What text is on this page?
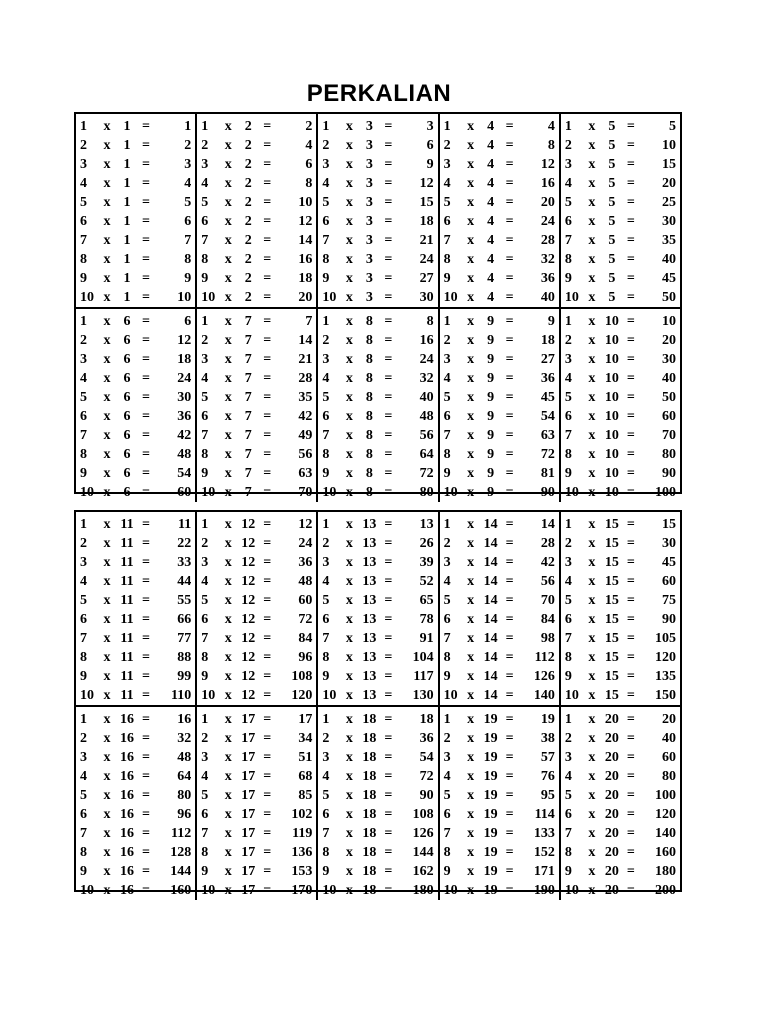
PERKALIAN
1	x 1 =	1
2	x 1 =	2
3	x 1 =	3
4	x 1 =	4
5	x 1 =	5
6	x 1 =	6
7	x 1 =	7
8	x 1 =	8
9	x 1 =	9
10 x 1 =	10
1	x 2 =	2
2	x 2 =	4
3	x 2 =	6
4	x 2 =	8
5	x 2 =	10
6	x 2 =	12
7	x 2 =	14
8	x 2 =	16
9	x 2 =	18
10 x 2 =	20
1	x 3 =	3
2	x 3 =	6
3	x 3 =	9
4	x 3 =	12
5	x 3 =	15
6	x 3 =	18
7	x 3 =	21
8	x 3 =	24
9	x 3 =	27
10 x 3 =	30
1	x 4 =	4
2	x 4 =	8
3	x 4 =	12
4	x 4 =	16
5	x 4 =	20
6	x 4 =	24
7	x 4 =	28
8	x 4 =	32
9	x 4 =	36
10 x 4 =	40
1	x 5 =	5
2	x 5 =	10
3	x 5 =	15
4	x 5 =	20
5	x 5 =	25
6	x 5 =	30
7	x 5 =	35
8	x 5 =	40
9	x 5 =	45
10 x 5 =	50
1	x 6 =	6
2	x 6 =	12
3	x 6 =	18
4	x 6 =	24
5	x 6 =	30
6	x 6 =	36
7	x 6 =	42
8	x 6 =	48
9	x 6 =	54
10 x 6 =	60
1	x 7 =	7
2	x 7 =	14
3	x 7 =	21
4	x 7 =	28
5	x 7 =	35
6	x 7 =	42
7	x 7 =	49
8	x 7 =	56
9	x 7 =	63
10 x 7 =	70
1	x 8 =	8
2	x 8 =	16
3	x 8 =	24
4	x 8 =	32
5	x 8 =	40
6	x 8 =	48
7	x 8 =	56
8	x 8 =	64
9	x 8 =	72
10 x 8 =	80
1	x 9 =	9
2	x 9 =	18
3	x 9 =	27
4	x 9 =	36
5	x 9 =	45
6	x 9 =	54
7	x 9 =	63
8	x 9 =	72
9	x 9 =	81
10 x 9 =	90
1	x 10 =	10
2	x 10 =	20
3	x 10 =	30
4	x 10 =	40
5	x 10 =	50
6	x 10 =	60
7	x 10 =	70
8	x 10 =	80
9	x 10 =	90
10 x 10 =	100
1	x 11 =	11
2	x 11 =	22
3	x 11 =	33
4	x 11 =	44
5	x 11 =	55
6	x 11 =	66
7	x 11 =	77
8	x 11 =	88
9	x 11 =	99
10 x 11 =	110
1	x 12 =	12
2	x 12 =	24
3	x 12 =	36
4	x 12 =	48
5	x 12 =	60
6	x 12 =	72
7	x 12 =	84
8	x 12 =	96
9	x 12 =	108
10 x 12 =	120
1	x 13 =	13
2	x 13 =	26
3	x 13 =	39
4	x 13 =	52
5	x 13 =	65
6	x 13 =	78
7	x 13 =	91
8	x 13 =	104
9	x 13 =	117
10 x 13 =	130
1	x 14 =	14
2	x 14 =	28
3	x 14 =	42
4	x 14 =	56
5	x 14 =	70
6	x 14 =	84
7	x 14 =	98
8	x 14 =	112
9	x 14 =	126
10 x 14 =	140
1	x 15 =	15
2	x 15 =	30
3	x 15 =	45
4	x 15 =	60
5	x 15 =	75
6	x 15 =	90
7	x 15 =	105
8	x 15 =	120
9	x 15 =	135
10 x 15 =	150
1	x 16 =	16
2	x 16 =	32
3	x 16 =	48
4	x 16 =	64
5	x 16 =	80
6	x 16 =	96
7	x 16 =	112
8	x 16 =	128
9	x 16 =	144
10 x 16 =	160
1	x 17 =	17
2	x 17 =	34
3	x 17 =	51
4	x 17 =	68
5	x 17 =	85
6	x 17 =	102
7	x 17 =	119
8	x 17 =	136
9	x 17 =	153
10 x 17 =	170
1	x 18 =	18
2	x 18 =	36
3	x 18 =	54
4	x 18 =	72
5	x 18 =	90
6	x 18 =	108
7	x 18 =	126
8	x 18 =	144
9	x 18 =	162
10 x 18 =	180
1	x 19 =	19
2	x 19 =	38
3	x 19 =	57
4	x 19 =	76
5	x 19 =	95
6	x 19 =	114
7	x 19 =	133
8	x 19 =	152
9	x 19 =	171
10 x 19 =	190
1	x 20 =	20
2	x 20 =	40
3	x 20 =	60
4	x 20 =	80
5	x 20 =	100
6	x 20 =	120
7	x 20 =	140
8	x 20 =	160
9	x 20 =	180
10 x 20 =	200
